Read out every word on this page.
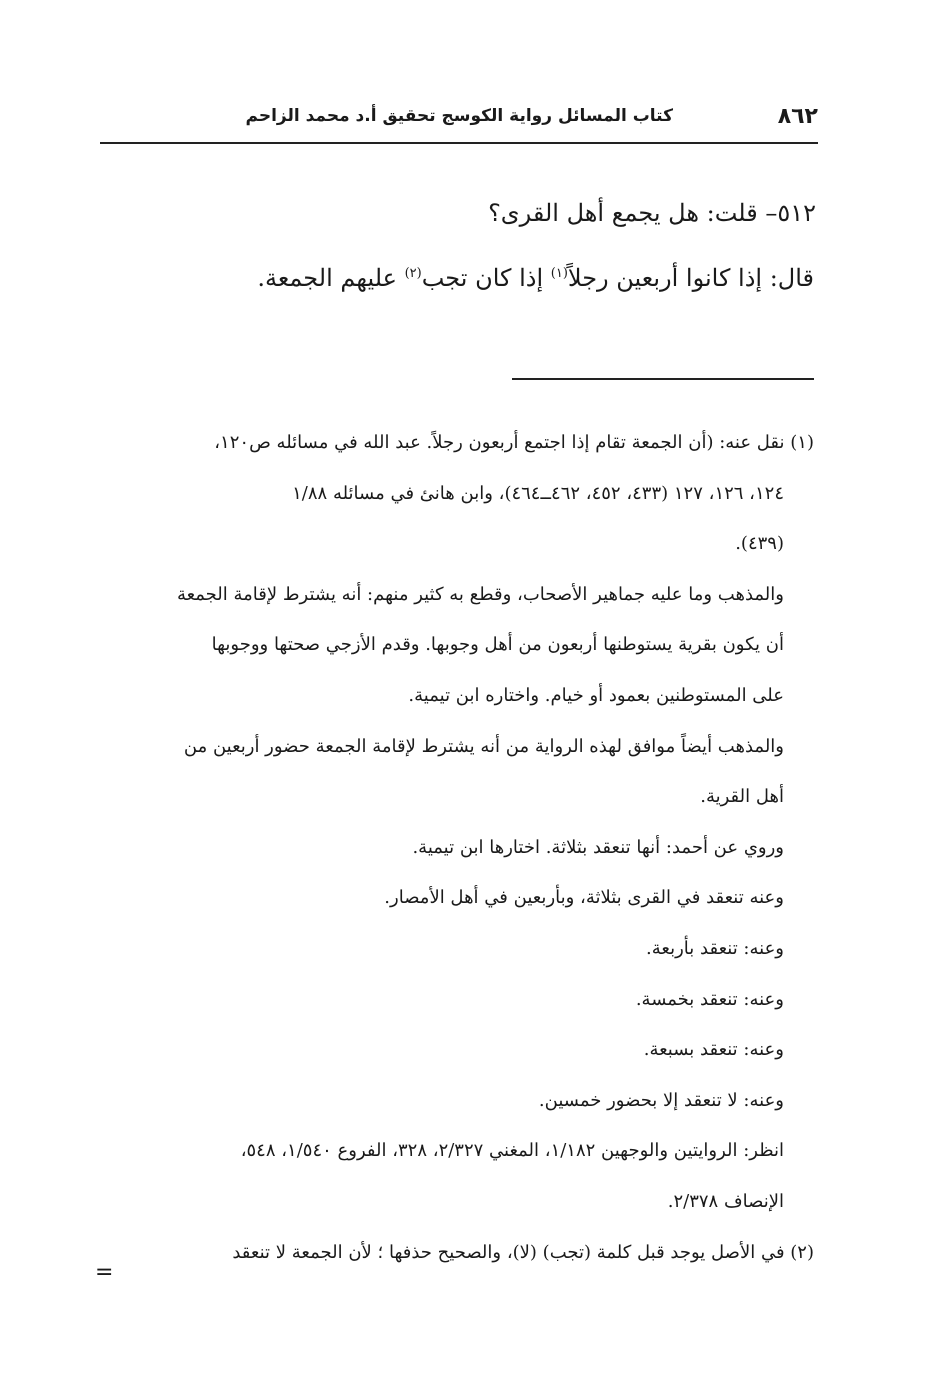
٨٦٢
كتاب المسائل رواية الكوسج تحقيق أ.د محمد الزاحم
٥١٢– قلت: هل يجمع أهل القرى؟
قال: إذا كانوا أربعين رجلاً$^{(١)}$ إذا كان تجب$^{(٢)}$ عليهم الجمعة.
(١) نقل عنه: (أن الجمعة تقام إذا اجتمع أربعون رجلاً. عبد الله في مسائله ص١٢٠،
١٢٤، ١٢٦، ١٢٧ (٤٣٣، ٤٥٢، ٤٦٢ــ٤٦٤)، وابن هانئ في مسائله ١/٨٨
(٤٣٩).
والمذهب وما عليه جماهير الأصحاب، وقطع به كثير منهم: أنه يشترط لإقامة الجمعة
أن يكون بقرية يستوطنها أربعون من أهل وجوبها. وقدم الأزجي صحتها ووجوبها
على المستوطنين بعمود أو خيام. واختاره ابن تيمية.
والمذهب أيضاً موافق لهذه الرواية من أنه يشترط لإقامة الجمعة حضور أربعين من
أهل القرية.
وروي عن أحمد: أنها تنعقد بثلاثة. اختارها ابن تيمية.
وعنه تنعقد في القرى بثلاثة، وبأربعين في أهل الأمصار.
وعنه: تنعقد بأربعة.
وعنه: تنعقد بخمسة.
وعنه: تنعقد بسبعة.
وعنه: لا تنعقد إلا بحضور خمسين.
انظر: الروايتين والوجهين ١/١٨٢، المغني ٢/٣٢٧، ٣٢٨، الفروع ١/٥٤٠، ٥٤٨،
الإنصاف ٢/٣٧٨.
(٢) في الأصل يوجد قبل كلمة (تجب) (لا)، والصحيح حذفها ؛ لأن الجمعة لا تنعقد
=
